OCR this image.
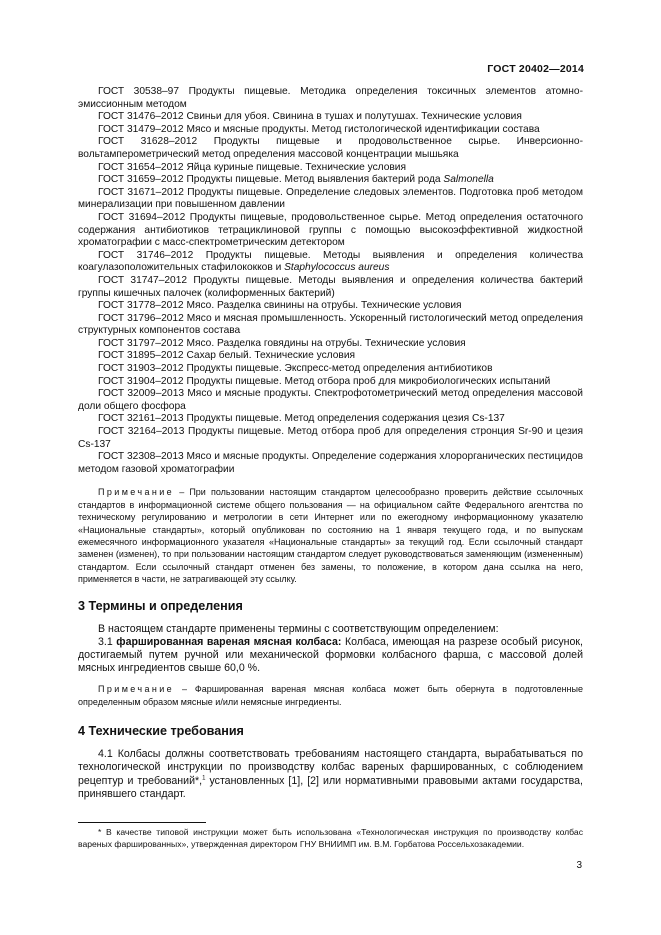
ГОСТ 20402—2014
ГОСТ 30538–97 Продукты пищевые. Методика определения токсичных элементов атомно-эмиссионным методом
ГОСТ 31476–2012 Свиньи для убоя. Свинина в тушах и полутушах. Технические условия
ГОСТ 31479–2012 Мясо и мясные продукты. Метод гистологической идентификации состава
ГОСТ 31628–2012 Продукты пищевые и продовольственное сырье. Инверсионно-вольтамперометрический метод определения массовой концентрации мышьяка
ГОСТ 31654–2012 Яйца куриные пищевые. Технические условия
ГОСТ 31659–2012 Продукты пищевые. Метод выявления бактерий рода Salmonella
ГОСТ 31671–2012 Продукты пищевые. Определение следовых элементов. Подготовка проб методом минерализации при повышенном давлении
ГОСТ 31694–2012 Продукты пищевые, продовольственное сырье. Метод определения остаточного содержания антибиотиков тетрациклиновой группы с помощью высокоэффективной жидкостной хроматографии с масс-спектрометрическим детектором
ГОСТ 31746–2012 Продукты пищевые. Методы выявления и определения количества коагулазоположительных стафилококков и Staphylococcus aureus
ГОСТ 31747–2012 Продукты пищевые. Методы выявления и определения количества бактерий группы кишечных палочек (колиформенных бактерий)
ГОСТ 31778–2012 Мясо. Разделка свинины на отрубы. Технические условия
ГОСТ 31796–2012 Мясо и мясная промышленность. Ускоренный гистологический метод определения структурных компонентов состава
ГОСТ 31797–2012 Мясо. Разделка говядины на отрубы. Технические условия
ГОСТ 31895–2012 Сахар белый. Технические условия
ГОСТ 31903–2012 Продукты пищевые. Экспресс-метод определения антибиотиков
ГОСТ 31904–2012 Продукты пищевые. Метод отбора проб для микробиологических испытаний
ГОСТ 32009–2013 Мясо и мясные продукты. Спектрофотометрический метод определения массовой доли общего фосфора
ГОСТ 32161–2013 Продукты пищевые. Метод определения содержания цезия Cs-137
ГОСТ 32164–2013 Продукты пищевые. Метод отбора проб для определения стронция Sr-90 и цезия Cs-137
ГОСТ 32308–2013 Мясо и мясные продукты. Определение содержания хлорорганических пестицидов методом газовой хроматографии
Примечание – При пользовании настоящим стандартом целесообразно проверить действие ссылочных стандартов в информационной системе общего пользования — на официальном сайте Федерального агентства по техническому регулированию и метрологии в сети Интернет или по ежегодному информационному указателю «Национальные стандарты», который опубликован по состоянию на 1 января текущего года, и по выпускам ежемесячного информационного указателя «Национальные стандарты» за текущий год. Если ссылочный стандарт заменен (изменен), то при пользовании настоящим стандартом следует руководствоваться заменяющим (измененным) стандартом. Если ссылочный стандарт отменен без замены, то положение, в котором дана ссылка на него, применяется в части, не затрагивающей эту ссылку.
3 Термины и определения

В настоящем стандарте применены термины с соответствующим определением:

3.1 фаршированная вареная мясная колбаса: Колбаса, имеющая на разрезе особый рисунок, достигаемый путем ручной или механической формовки колбасного фарша, с массовой долей мясных ингредиентов свыше 60,0 %.

Примечание – Фаршированная вареная мясная колбаса может быть обернута в подготовленные определенным образом мясные и/или немясные ингредиенты.
4 Технические требования

4.1 Колбасы должны соответствовать требованиям настоящего стандарта, вырабатываться по технологической инструкции по производству колбас вареных фаршированных, с соблюдением рецептур и требований*,$^1$ установленных [1], [2] или нормативными правовыми актами государства, принявшего стандарт.

* В качестве типовой инструкции может быть использована «Технологическая инструкция по производству колбас вареных фаршированных», утвержденная директором ГНУ ВНИИМП им. В.М. Горбатова Россельхозакадемии.
3
